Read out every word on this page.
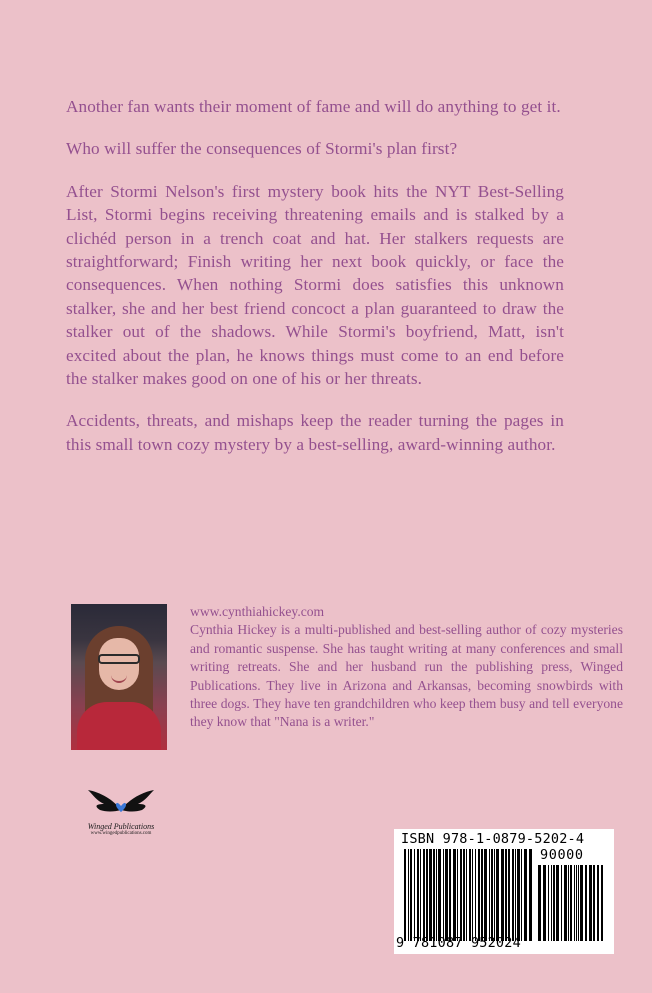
Another fan wants their moment of fame and will do anything to get it.

Who will suffer the consequences of Stormi's plan first?

After Stormi Nelson's first mystery book hits the NYT Best-Selling List, Stormi begins receiving threatening emails and is stalked by a clichéd person in a trench coat and hat. Her stalkers requests are straightforward; Finish writing her next book quickly, or face the consequences. When nothing Stormi does satisfies this unknown stalker, she and her best friend concoct a plan guaranteed to draw the stalker out of the shadows. While Stormi's boyfriend, Matt, isn't excited about the plan, he knows things must come to an end before the stalker makes good on one of his or her threats.

Accidents, threats, and mishaps keep the reader turning the pages in this small town cozy mystery by a best-selling, award-winning author.

www.cynthiahickey.com
Cynthia Hickey is a multi-published and best-selling author of cozy mysteries and romantic suspense. She has taught writing at many conferences and small writing retreats. She and her husband run the publishing press, Winged Publications. They live in Arizona and Arkansas, becoming snowbirds with three dogs. They have ten grandchildren who keep them busy and tell everyone they know that "Nana is a writer."
Winged Publications
www.wingedpublications.com	ISBN 978-1-0879-5202-4
90000
9 781087 952024
